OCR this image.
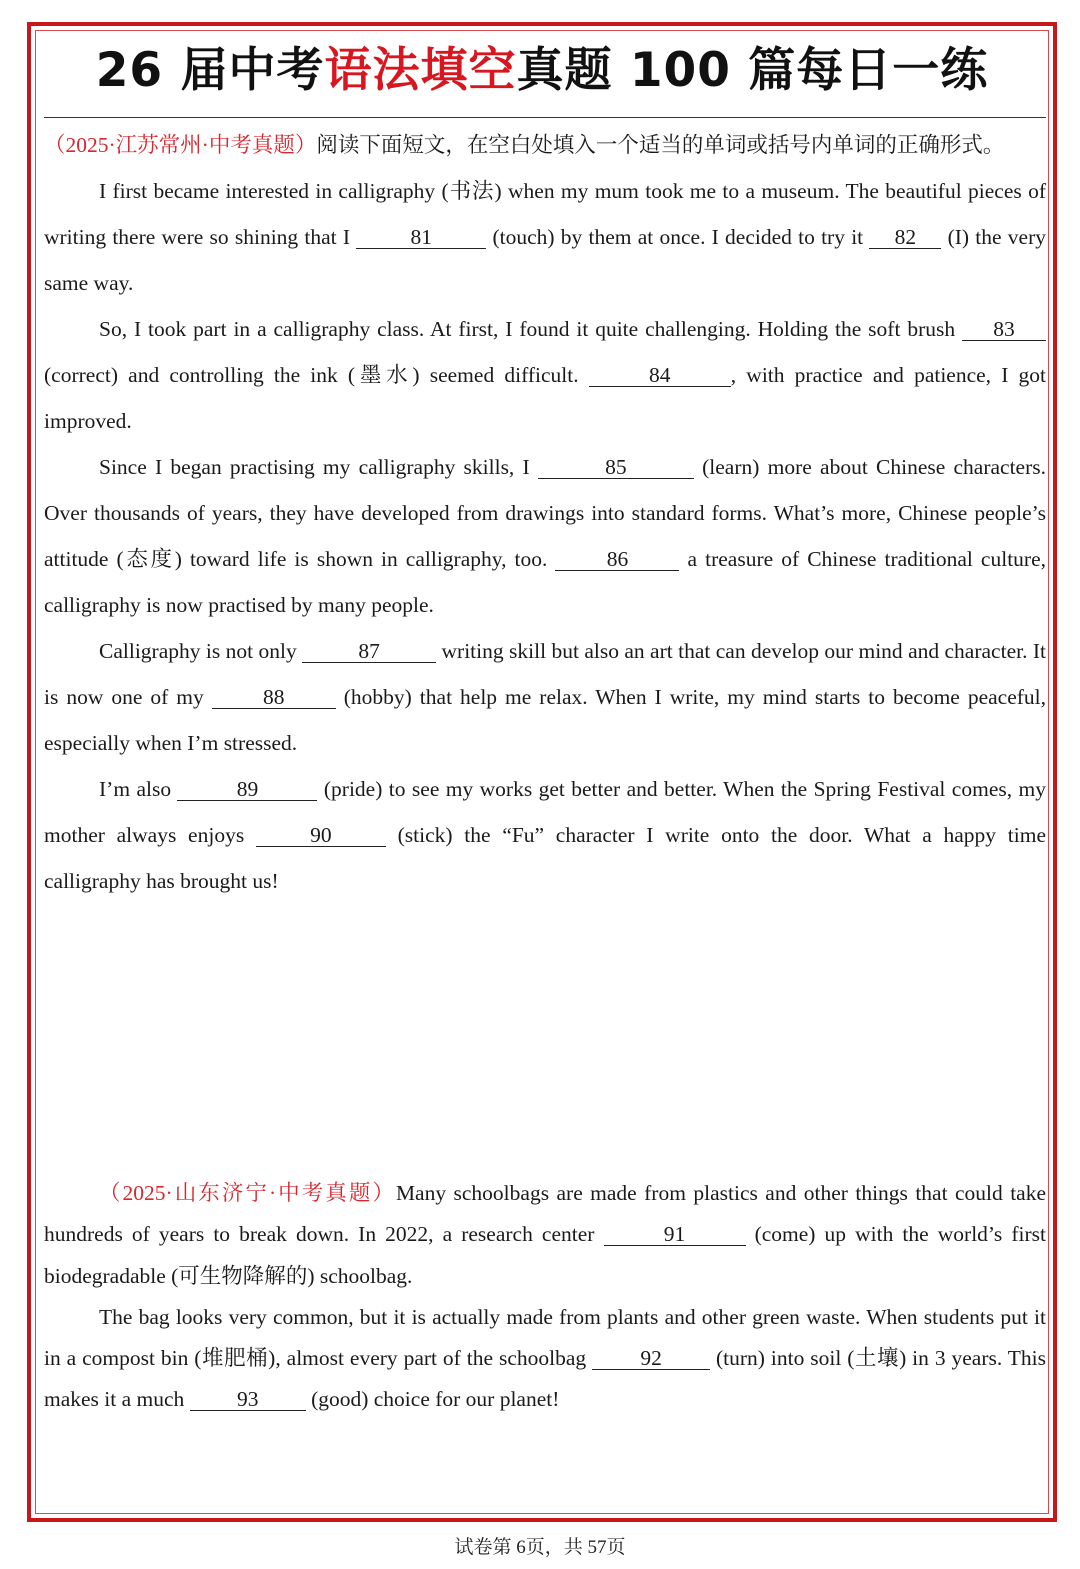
26 届中考语法填空真题 100 篇每日一练

（2025·江苏常州·中考真题）阅读下面短文，在空白处填入一个适当的单词或括号内单词的正确形式。

I first became interested in calligraphy (书法) when my mum took me to a museum. The beautiful pieces of writing there were so shining that I	81	(touch) by them at once. I decided to try it 82 (I) the very same way.

So, I took part in a calligraphy class. At first, I found it quite challenging. Holding the soft brush 83 (correct) and controlling the ink (墨水) seemed difficult.	84	, with practice and patience, I got improved.

Since I began practising my calligraphy skills, I	85	(learn) more about Chinese characters. Over thousands of years, they have developed from drawings into standard forms. What’s more, Chinese people’s attitude (态度) toward life is shown in calligraphy, too. 86 a treasure of Chinese traditional culture, calligraphy is now practised by many people.

Calligraphy is not only	87	writing skill but also an art that can develop our mind and character. It is now one of my 88 (hobby) that help me relax. When I write, my mind starts to become peaceful, especially when I’m stressed.

I’m also	89	(pride) to see my works get better and better. When the Spring Festival comes, my mother always enjoys	90	(stick) the “Fu” character I write onto the door. What a happy time calligraphy has brought us!

（2025·山东济宁·中考真题）Many schoolbags are made from plastics and other things that could take hundreds of years to break down. In 2022, a research center	91	(come) up with the world’s first biodegradable (可生物降解的) schoolbag.

The bag looks very common, but it is actually made from plants and other green waste. When students put it in a compost bin (堆肥桶), almost every part of the schoolbag 92 (turn) into soil (土壤) in 3 years. This makes it a much 93 (good) choice for our planet!

试卷第 6页，共 57页
